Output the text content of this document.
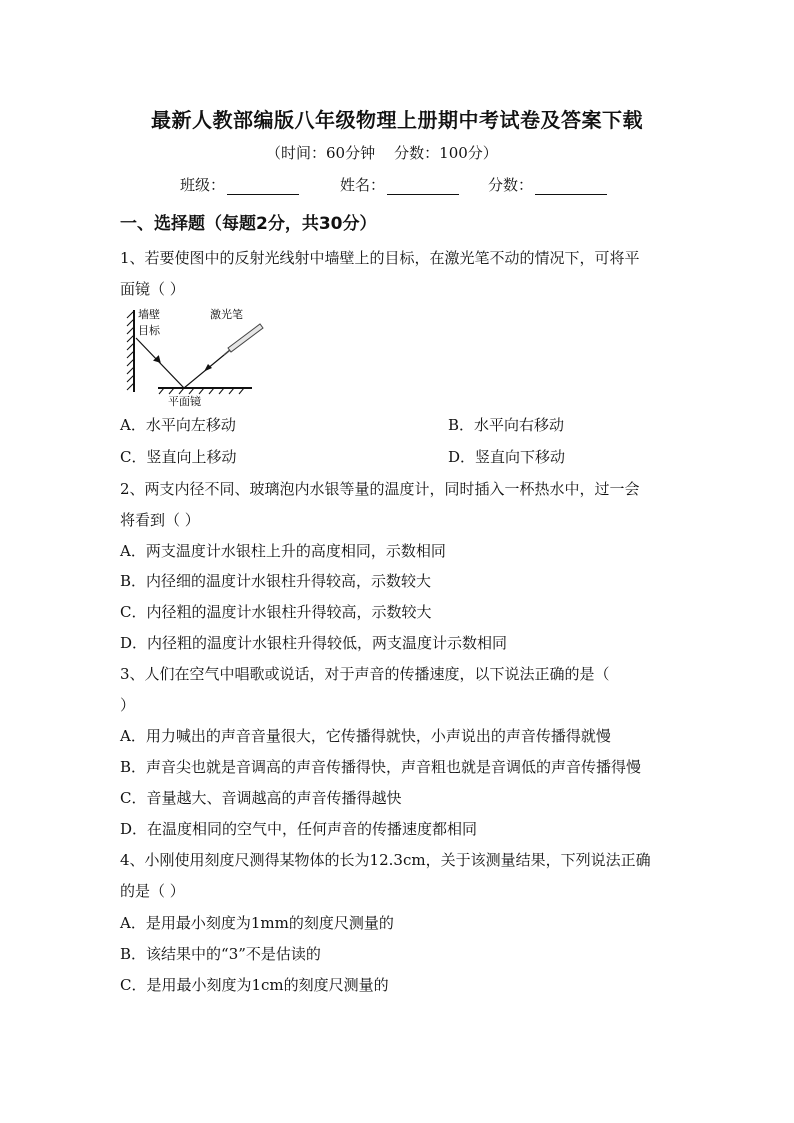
最新人教部编版八年级物理上册期中考试卷及答案下载
（时间：60分钟    分数：100分）
班级：	姓名：	分数：
一、选择题（每题2分，共30分）
1、若要使图中的反射光线射中墙壁上的目标，在激光笔不动的情况下，可将平
面镜（ ）
墙壁
目标
激光笔
平面镜
A．水平向左移动	B．水平向右移动
C．竖直向上移动	D．竖直向下移动
2、两支内径不同、玻璃泡内水银等量的温度计，同时插入一杯热水中，过一会
将看到（ ）
A．两支温度计水银柱上升的高度相同，示数相同
B．内径细的温度计水银柱升得较高，示数较大
C．内径粗的温度计水银柱升得较高，示数较大
D．内径粗的温度计水银柱升得较低，两支温度计示数相同
3、人们在空气中唱歌或说话，对于声音的传播速度，以下说法正确的是（
）
A．用力喊出的声音音量很大，它传播得就快，小声说出的声音传播得就慢
B．声音尖也就是音调高的声音传播得快，声音粗也就是音调低的声音传播得慢
C．音量越大、音调越高的声音传播得越快
D．在温度相同的空气中，任何声音的传播速度都相同
4、小刚使用刻度尺测得某物体的长为12.3cm，关于该测量结果，下列说法正确
的是（ ）
A．是用最小刻度为1mm的刻度尺测量的
B．该结果中的“3”不是估读的
C．是用最小刻度为1cm的刻度尺测量的
